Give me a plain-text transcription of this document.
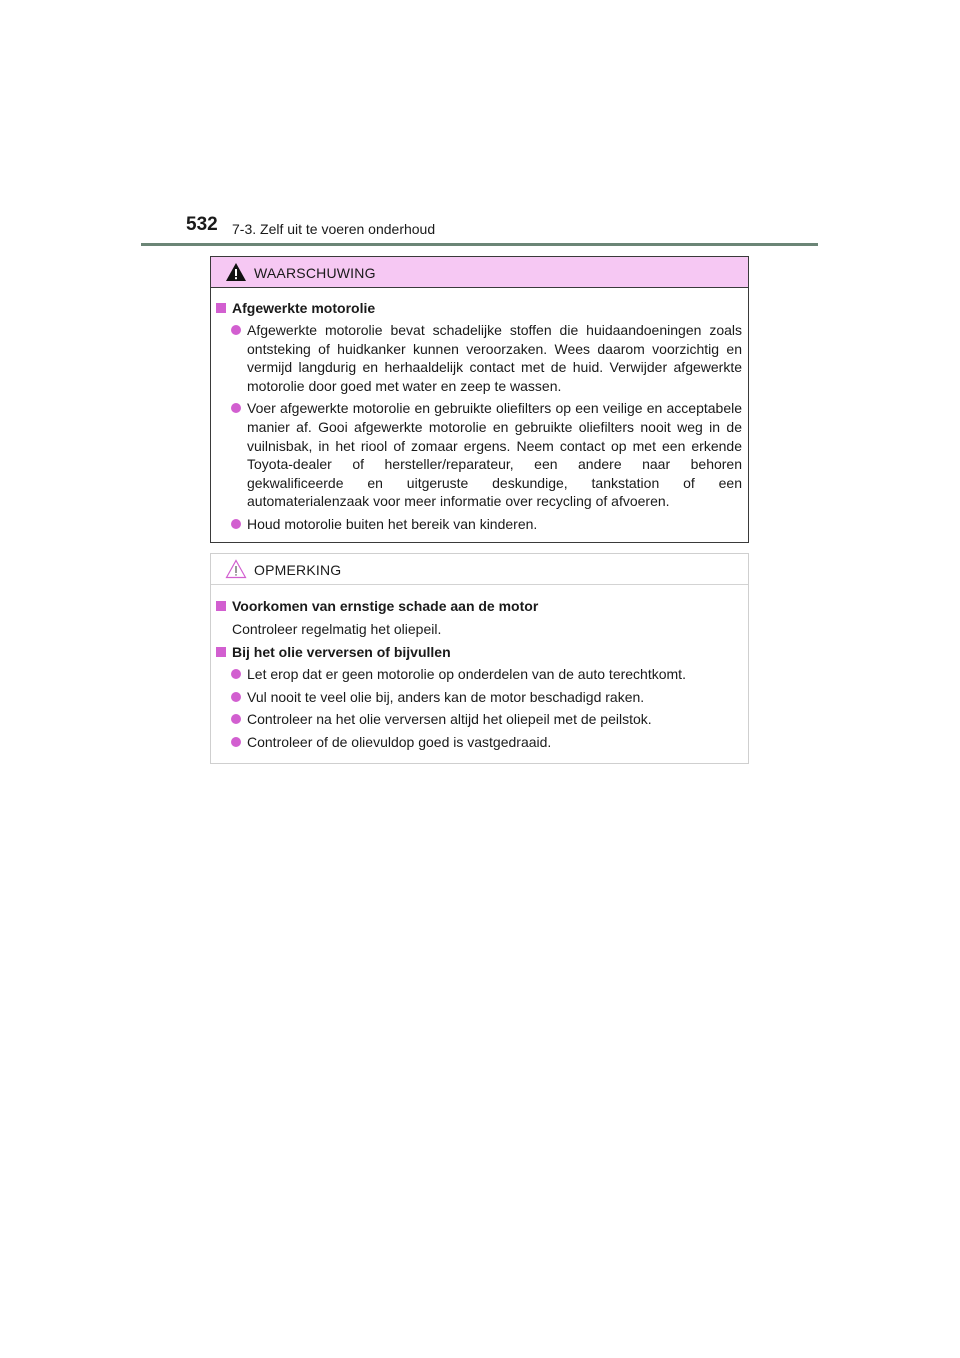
532 7-3. Zelf uit te voeren onderhoud
WAARSCHUWING
Afgewerkte motorolie
Afgewerkte motorolie bevat schadelijke stoffen die huidaandoeningen zoals ontsteking of huidkanker kunnen veroorzaken. Wees daarom voorzichtig en vermijd langdurig en herhaaldelijk contact met de huid. Verwijder afgewerkte motorolie door goed met water en zeep te wassen.
Voer afgewerkte motorolie en gebruikte oliefilters op een veilige en acceptabele manier af. Gooi afgewerkte motorolie en gebruikte oliefilters nooit weg in de vuilnisbak, in het riool of zomaar ergens. Neem contact op met een erkende Toyota-dealer of hersteller/reparateur, een andere naar behoren gekwalificeerde en uitgeruste deskundige, tankstation of een automaterialenzaak voor meer informatie over recycling of afvoeren.
Houd motorolie buiten het bereik van kinderen.
OPMERKING
Voorkomen van ernstige schade aan de motor
Controleer regelmatig het oliepeil.
Bij het olie verversen of bijvullen
Let erop dat er geen motorolie op onderdelen van de auto terechtkomt.
Vul nooit te veel olie bij, anders kan de motor beschadigd raken.
Controleer na het olie verversen altijd het oliepeil met de peilstok.
Controleer of de olievuldop goed is vastgedraaid.
